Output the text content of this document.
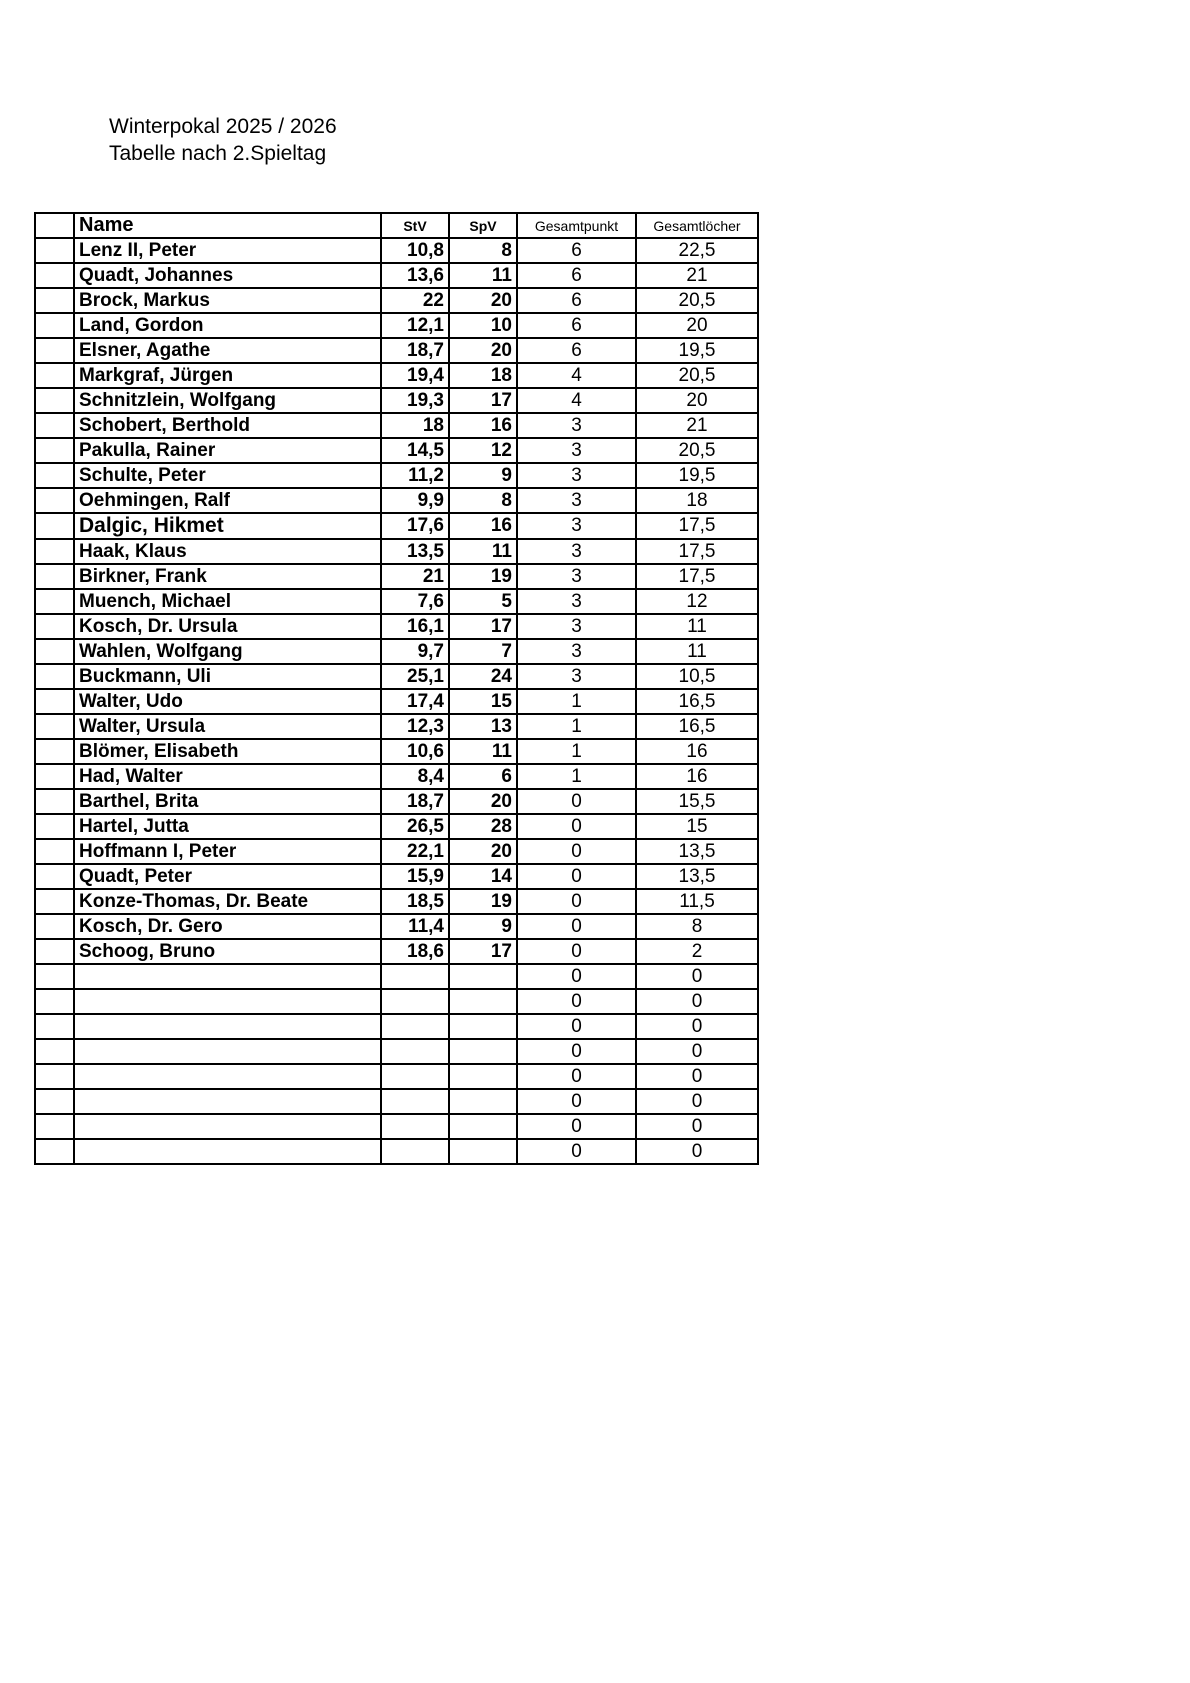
Winterpokal 2025 / 2026
Tabelle nach 2.Spieltag
	Name	StV	SpV	Gesamtpunkt	Gesamtlöcher
	Lenz II, Peter	10,8	8	6	22,5
	Quadt, Johannes	13,6	11	6	21
	Brock, Markus	22	20	6	20,5
	Land, Gordon	12,1	10	6	20
	Elsner, Agathe	18,7	20	6	19,5
	Markgraf, Jürgen	19,4	18	4	20,5
	Schnitzlein, Wolfgang	19,3	17	4	20
	Schobert, Berthold	18	16	3	21
	Pakulla, Rainer	14,5	12	3	20,5
	Schulte, Peter	11,2	9	3	19,5
	Oehmingen, Ralf	9,9	8	3	18
	Dalgic, Hikmet	17,6	16	3	17,5
	Haak, Klaus	13,5	11	3	17,5
	Birkner, Frank	21	19	3	17,5
	Muench, Michael	7,6	5	3	12
	Kosch, Dr. Ursula	16,1	17	3	11
	Wahlen, Wolfgang	9,7	7	3	11
	Buckmann, Uli	25,1	24	3	10,5
	Walter, Udo	17,4	15	1	16,5
	Walter, Ursula	12,3	13	1	16,5
	Blömer, Elisabeth	10,6	11	1	16
	Had, Walter	8,4	6	1	16
	Barthel, Brita	18,7	20	0	15,5
	Hartel, Jutta	26,5	28	0	15
	Hoffmann I, Peter	22,1	20	0	13,5
	Quadt, Peter	15,9	14	0	13,5
	Konze-Thomas, Dr. Beate	18,5	19	0	11,5
	Kosch, Dr. Gero	11,4	9	0	8
	Schoog, Bruno	18,6	17	0	2
				0	0
				0	0
				0	0
				0	0
				0	0
				0	0
				0	0
				0	0
